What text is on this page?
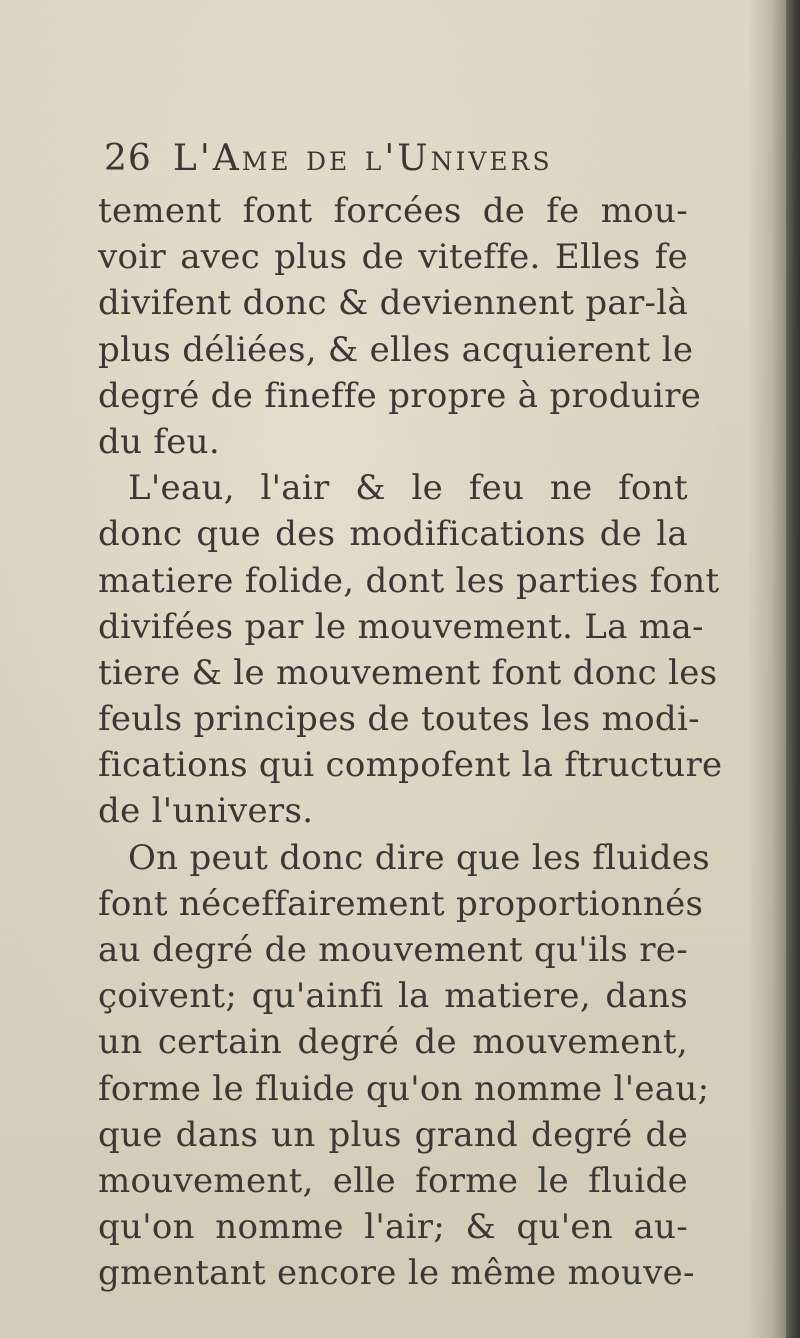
26 L'Ame de l'Univers
tement font forcées de fe mou-
voir avec plus de viteffe. Elles fe
divifent donc & deviennent par-là
plus déliées, & elles acquierent le
degré de fineffe propre à produire
du feu.
L'eau, l'air & le feu ne font
donc que des modifications de la
matiere folide, dont les parties font
divifées par le mouvement. La ma-
tiere & le mouvement font donc les
feuls principes de toutes les modi-
fications qui compofent la ftructure
de l'univers.
On peut donc dire que les fluides
font néceffairement proportionnés
au degré de mouvement qu'ils re-
çoivent; qu'ainfi la matiere, dans
un certain degré de mouvement,
forme le fluide qu'on nomme l'eau;
que dans un plus grand degré de
mouvement, elle forme le fluide
qu'on nomme l'air; & qu'en au-
gmentant encore le même mouve-
